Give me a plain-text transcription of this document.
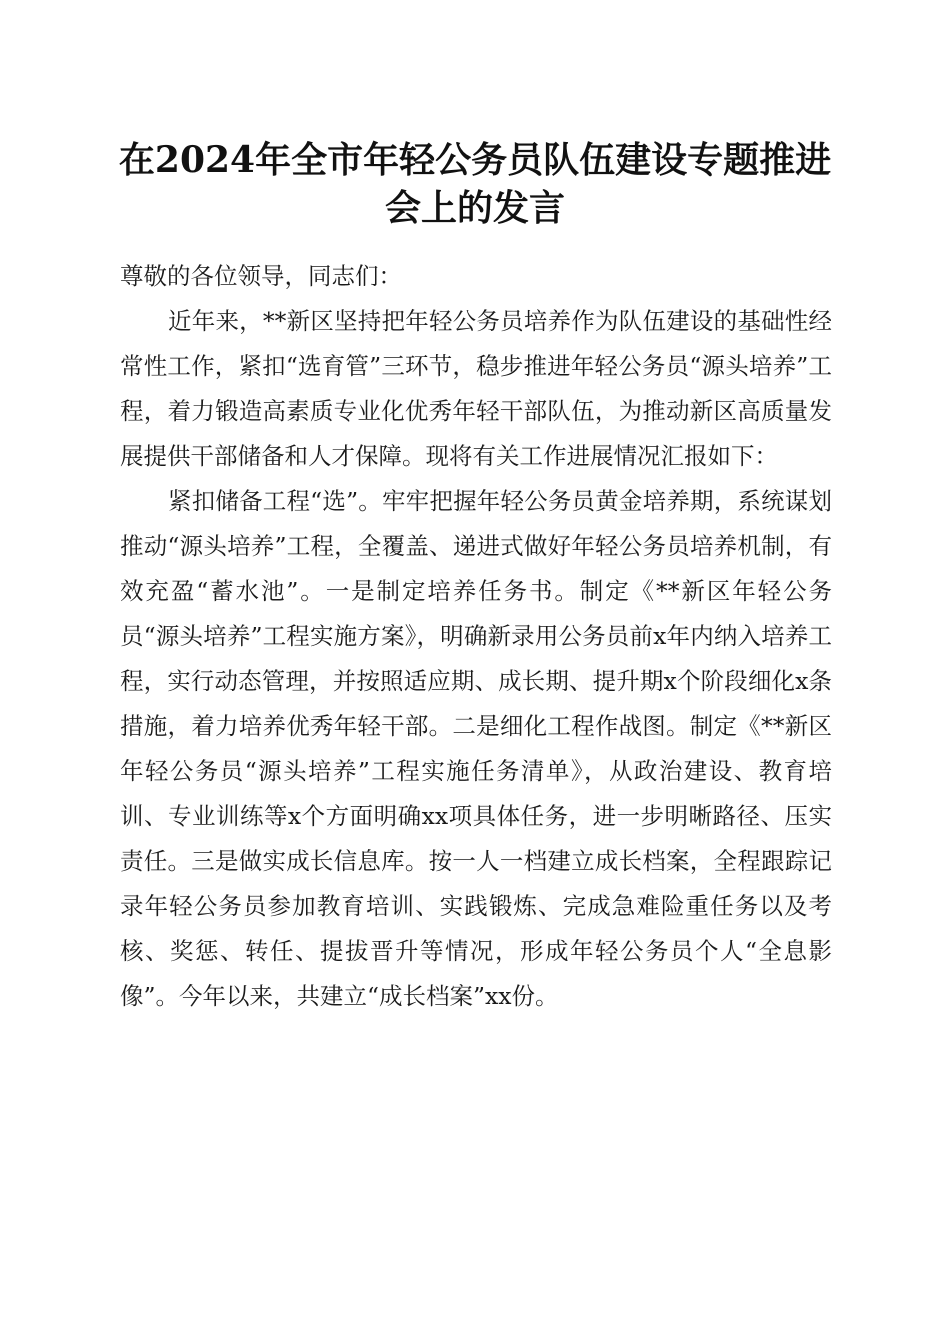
在2024年全市年轻公务员队伍建设专题推进会上的发言

尊敬的各位领导，同志们：

近年来，**新区坚持把年轻公务员培养作为队伍建设的基础性经常性工作，紧扣“选育管”三环节，稳步推进年轻公务员“源头培养”工程，着力锻造高素质专业化优秀年轻干部队伍，为推动新区高质量发展提供干部储备和人才保障。现将有关工作进展情况汇报如下：

紧扣储备工程“选”。牢牢把握年轻公务员黄金培养期，系统谋划推动“源头培养”工程，全覆盖、递进式做好年轻公务员培养机制，有效充盈“蓄水池”。一是制定培养任务书。制定《**新区年轻公务员“源头培养”工程实施方案》，明确新录用公务员前x年内纳入培养工程，实行动态管理，并按照适应期、成长期、提升期x个阶段细化x条措施，着力培养优秀年轻干部。二是细化工程作战图。制定《**新区年轻公务员“源头培养”工程实施任务清单》，从政治建设、教育培训、专业训练等x个方面明确xx项具体任务，进一步明晰路径、压实责任。三是做实成长信息库。按一人一档建立成长档案，全程跟踪记录年轻公务员参加教育培训、实践锻炼、完成急难险重任务以及考核、奖惩、转任、提拔晋升等情况，形成年轻公务员个人“全息影像”。今年以来，共建立“成长档案”xx份。
